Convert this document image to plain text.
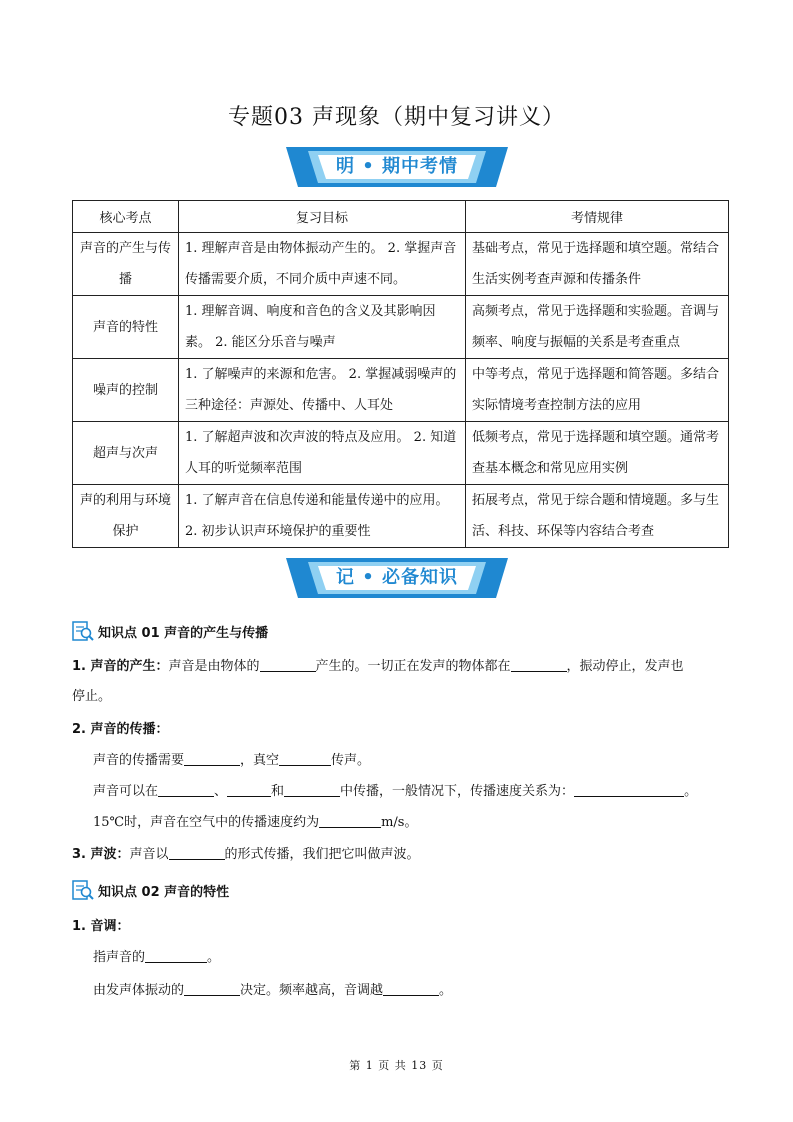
专题03 声现象（期中复习讲义）
明 • 期中考情
核心考点	复习目标	考情规律
声音的产生与传播	1. 理解声音是由物体振动产生的。 2. 掌握声音传播需要介质，不同介质中声速不同。	基础考点，常见于选择题和填空题。常结合生活实例考查声源和传播条件
声音的特性	1. 理解音调、响度和音色的含义及其影响因素。 2. 能区分乐音与噪声	高频考点，常见于选择题和实验题。音调与频率、响度与振幅的关系是考查重点
噪声的控制	1. 了解噪声的来源和危害。 2. 掌握减弱噪声的三种途径：声源处、传播中、人耳处	中等考点，常见于选择题和简答题。多结合实际情境考查控制方法的应用
超声与次声	1. 了解超声波和次声波的特点及应用。 2. 知道人耳的听觉频率范围	低频考点，常见于选择题和填空题。通常考查基本概念和常见应用实例
声的利用与环境保护	1. 了解声音在信息传递和能量传递中的应用。 2. 初步认识声环境保护的重要性	拓展考点，常见于综合题和情境题。多与生活、科技、环保等内容结合考查
记 • 必备知识
知识点 01 声音的产生与传播
1. 声音的产生：声音是由物体的	产生的。一切正在发声的物体都在	，振动停止，发声也
停止。
2. 声音的传播：
声音的传播需要	，真空	传声。
声音可以在	、	和	中传播，一般情况下，传播速度关系为：	。
15℃时，声音在空气中的传播速度约为	m/s。
3. 声波：声音以	的形式传播，我们把它叫做声波。
知识点 02 声音的特性
1. 音调：
指声音的	。
由发声体振动的	决定。频率越高，音调越	。
第 1 页 共 13 页
